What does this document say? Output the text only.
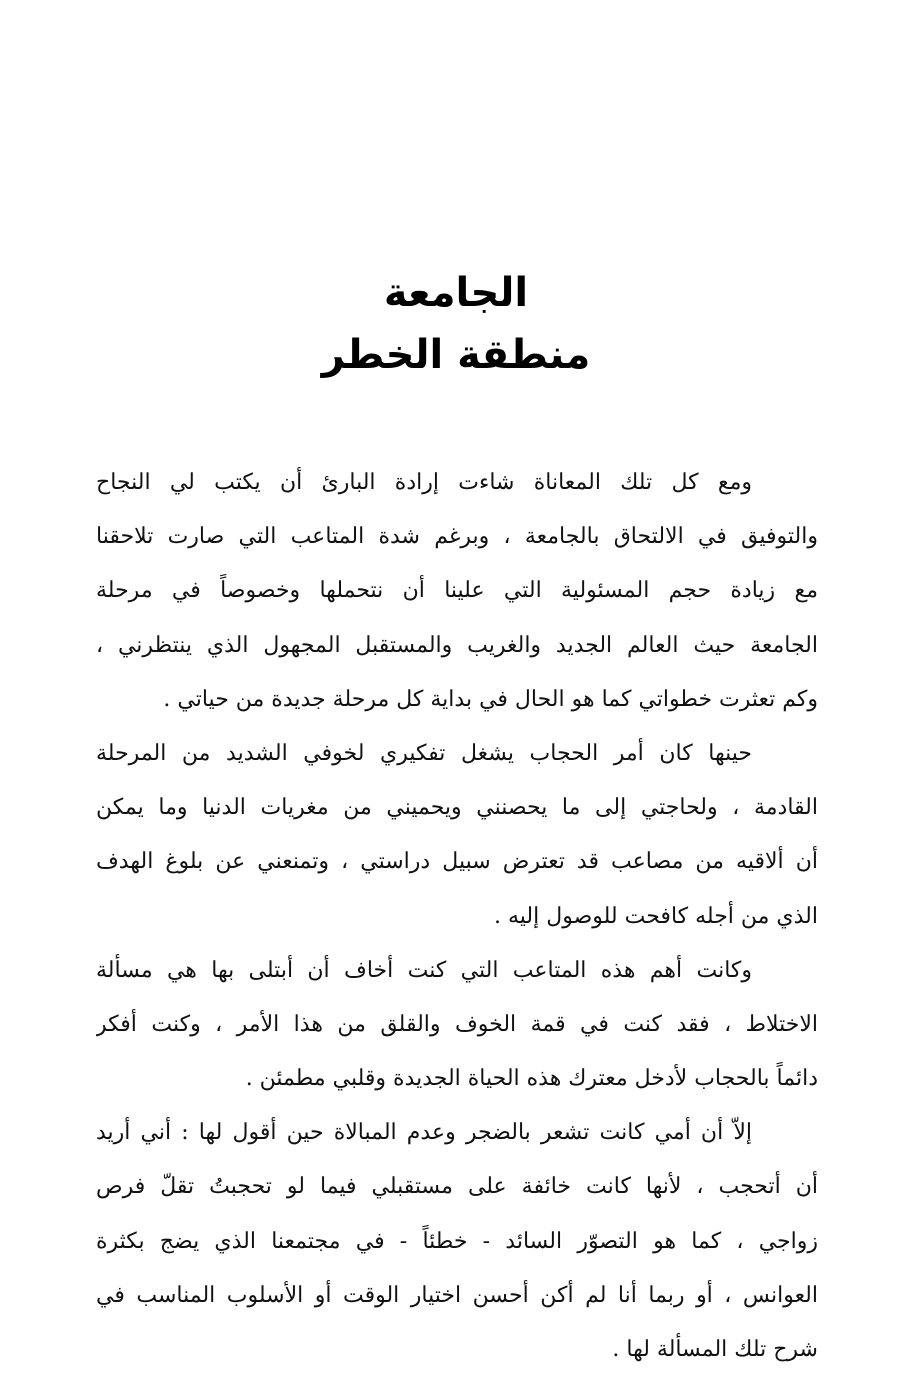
الجامعة
منطقة الخطر
ومع كل تلك المعاناة شاءت إرادة البارئ أن يكتب لي النجاح
والتوفيق في الالتحاق بالجامعة ، وبرغم شدة المتاعب التي صارت تلاحقنا
مع زيادة حجم المسئولية التي علينا أن نتحملها وخصوصاً في مرحلة
الجامعة حيث العالم الجديد والغريب والمستقبل المجهول الذي ينتظرني ،
وكم تعثرت خطواتي كما هو الحال في بداية كل مرحلة جديدة من حياتي .
حينها كان أمر الحجاب يشغل تفكيري لخوفي الشديد من المرحلة
القادمة ، ولحاجتي إلى ما يحصنني ويحميني من مغريات الدنيا وما يمكن
أن ألاقيه من مصاعب قد تعترض سبيل دراستي ، وتمنعني عن بلوغ الهدف
الذي من أجله كافحت للوصول إليه .
وكانت أهم هذه المتاعب التي كنت أخاف أن أبتلى بها هي مسألة
الاختلاط ، فقد كنت في قمة الخوف والقلق من هذا الأمر ، وكنت أفكر
دائماً بالحجاب لأدخل معترك هذه الحياة الجديدة وقلبي مطمئن .
إلاّ أن أمي كانت تشعر بالضجر وعدم المبالاة حين أقول لها : أني أريد
أن أتحجب ، لأنها كانت خائفة على مستقبلي فيما لو تحجبتُ تقلّ فرص
زواجي ، كما هو التصوّر السائد - خطئاً - في مجتمعنا الذي يضج بكثرة
العوانس ، أو ربما أنا لم أكن أحسن اختيار الوقت أو الأسلوب المناسب في
شرح تلك المسألة لها .
